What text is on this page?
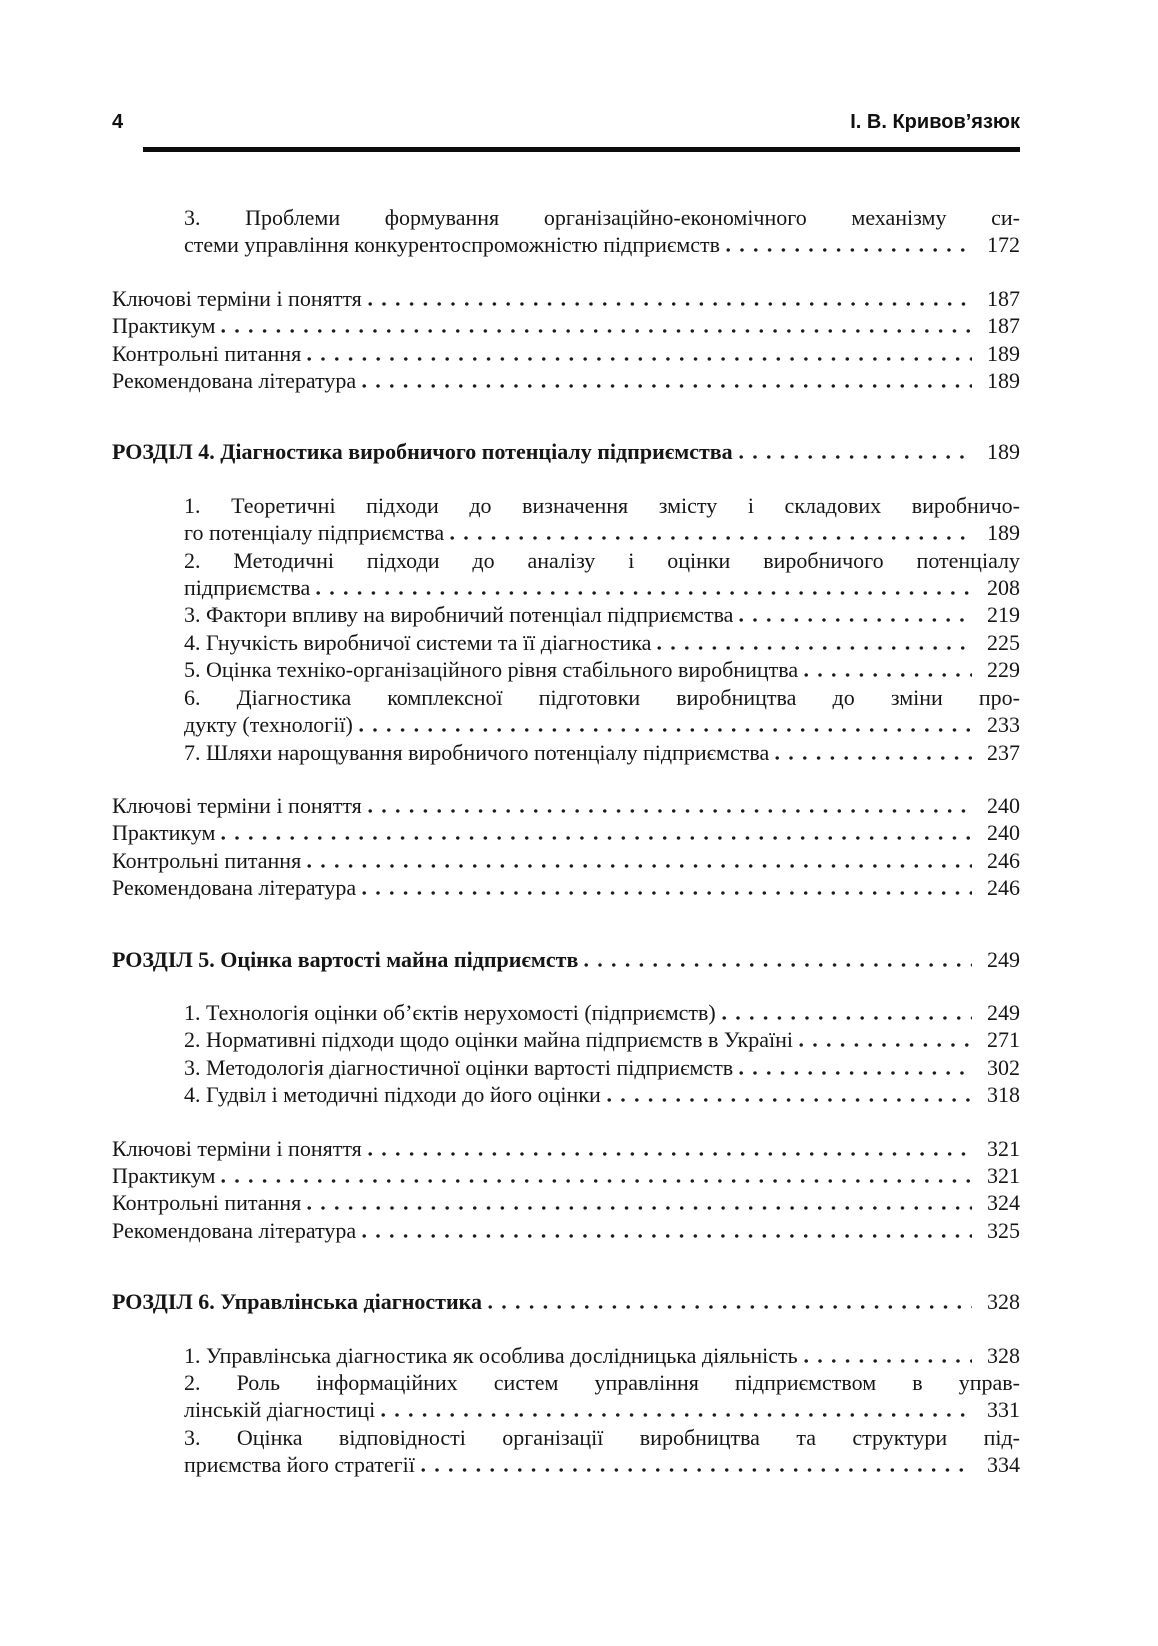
4	І. В. Кривов’язюк
3. Проблеми формування організаційно-економічного механізму си-
стеми управління конкурентоспроможністю підприємств	172
Ключові терміни і поняття	187
Практикум	187
Контрольні питання	189
Рекомендована література	189
РОЗДІЛ 4. Діагностика виробничого потенціалу підприємства	189
1. Теоретичні підходи до визначення змісту і складових виробничо-
го потенціалу підприємства	189
2. Методичні підходи до аналізу і оцінки виробничого потенціалу
підприємства	208
3. Фактори впливу на виробничий потенціал підприємства	219
4. Гнучкість виробничої системи та її діагностика	225
5. Оцінка техніко-організаційного рівня стабільного виробництва	229
6. Діагностика комплексної підготовки виробництва до зміни про-
дукту (технології)	233
7. Шляхи нарощування виробничого потенціалу підприємства	237
Ключові терміни і поняття	240
Практикум	240
Контрольні питання	246
Рекомендована література	246
РОЗДІЛ 5. Оцінка вартості майна підприємств	249
1. Технологія оцінки об’єктів нерухомості (підприємств)	249
2. Нормативні підходи щодо оцінки майна підприємств в Україні	271
3. Методологія діагностичної оцінки вартості підприємств	302
4. Гудвіл і методичні підходи до його оцінки	318
Ключові терміни і поняття	321
Практикум	321
Контрольні питання	324
Рекомендована література	325
РОЗДІЛ 6. Управлінська діагностика	328
1. Управлінська діагностика як особлива дослідницька діяльність	328
2. Роль інформаційних систем управління підприємством в управ-
лінській діагностиці	331
3. Оцінка відповідності організації виробництва та структури під-
приємства його стратегії	334
